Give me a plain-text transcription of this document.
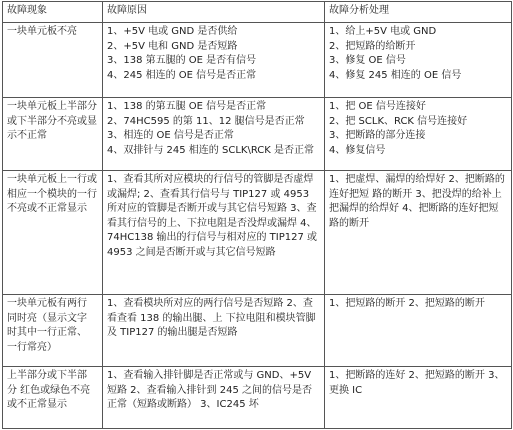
故障现象	故障原因	故障分析处理
一块单元板不亮	1、+5V 电或 GND 是否供给
2、+5V 电和 GND 是否短路
3、138 第五腿的 OE 是否有信号
4、245 相连的 OE 信号是否正常	1、给上+5V 电或 GND
2、把短路的给断开
3、修复 OE 信号
4、修复 245 相连的 OE 信号

一块单元板上半部分或下半部分不亮或显示不正常	1、138 的第五腿 OE 信号是否正常
2、74HC595 的第 11、12 腿信号是否正常
3、相连的 OE 信号是否正常
4、双排针与 245 相连的 SCLK\RCK 是否正常	1、把 OE 信号连接好
2、把 SCLK、RCK 信号连接好
3、把断路的部分连接
4、修复信号

一块单元板上一行或相应一个模块的一行不亮或不正常显示	1、查看其所对应模块的行信号的管脚是否虚焊或漏焊; 2、查看其行信号与 TIP127 或 4953 所对应的管脚是否断开或与其它信号短路 3、查看其行信号的上、下拉电阻是否没焊或漏焊 4、74HC138 输出的行信号与相对应的 TIP127 或 4953 之间是否断开或与其它信号短路	1、把虚焊、漏焊的给焊好 2、把断路的连好把短 路的断开 3、把没焊的给补上把漏焊的给焊好 4、把断路的连好把短路的断开
一块单元板有两行 同时亮（显示文字 时其中一行正常、 一行常亮）	1、查看模块所对应的两行信号是否短路 2、查看查看 138 的输出腿、上 下拉电阻和模块管脚及 TIP127 的输出腿是否短路	1、把短路的断开 2、把短路的断开
上半部分或下半部 分 红色或绿色不亮 或不正常显示	1、查看输入排针脚是否正常或与 GND、+5V 短路 2、查看输入排针到 245 之间的信号是否正常（短路或断路） 3、IC245 坏	1、把断路的连好 2、把短路的断开 3、更换 IC
